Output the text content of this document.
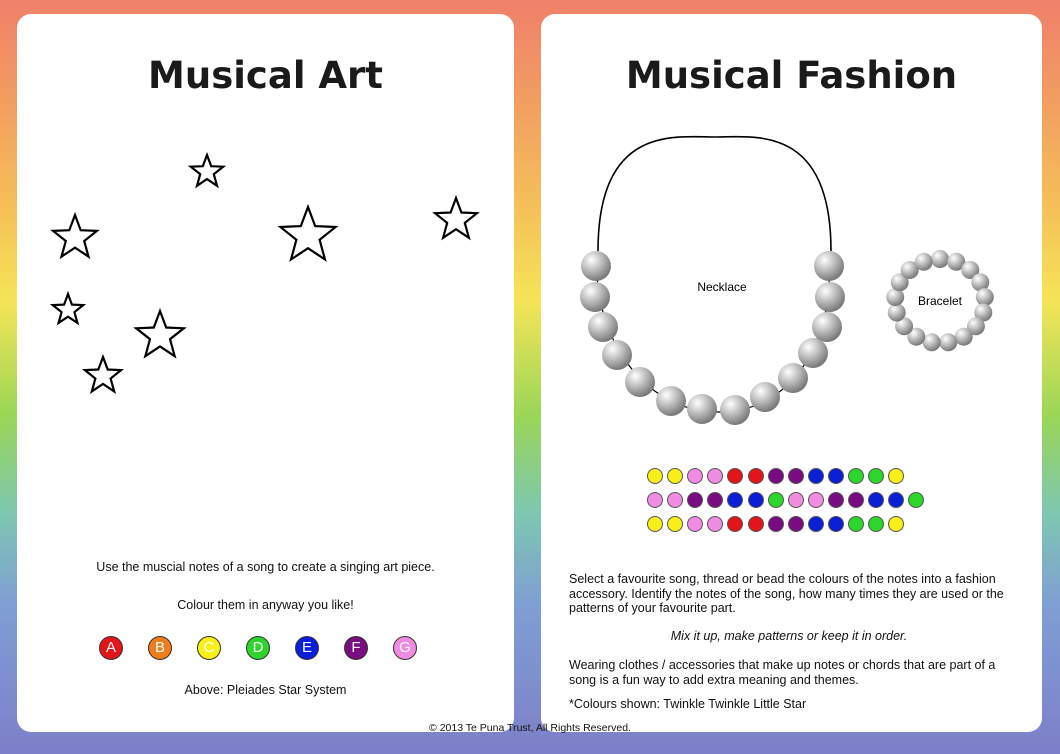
Musical Art
Use the muscial notes of a song to create a singing art piece.
Colour them in anyway you like!
A	B	C	D	E	F	G
Above: Pleiades Star System
Musical Fashion
Necklace
Bracelet

Select a favourite song, thread or bead the colours of the notes into a fashion accessory. Identify the notes of the song, how many times they are used or the patterns of your favourite part.

Mix it up, make patterns or keep it in order.

Wearing clothes / accessories that make up notes or chords that are part of a song is a fun way to add extra meaning and themes.

*Colours shown: Twinkle Twinkle Little Star

© 2013 Te Puna Trust, All Rights Reserved.
